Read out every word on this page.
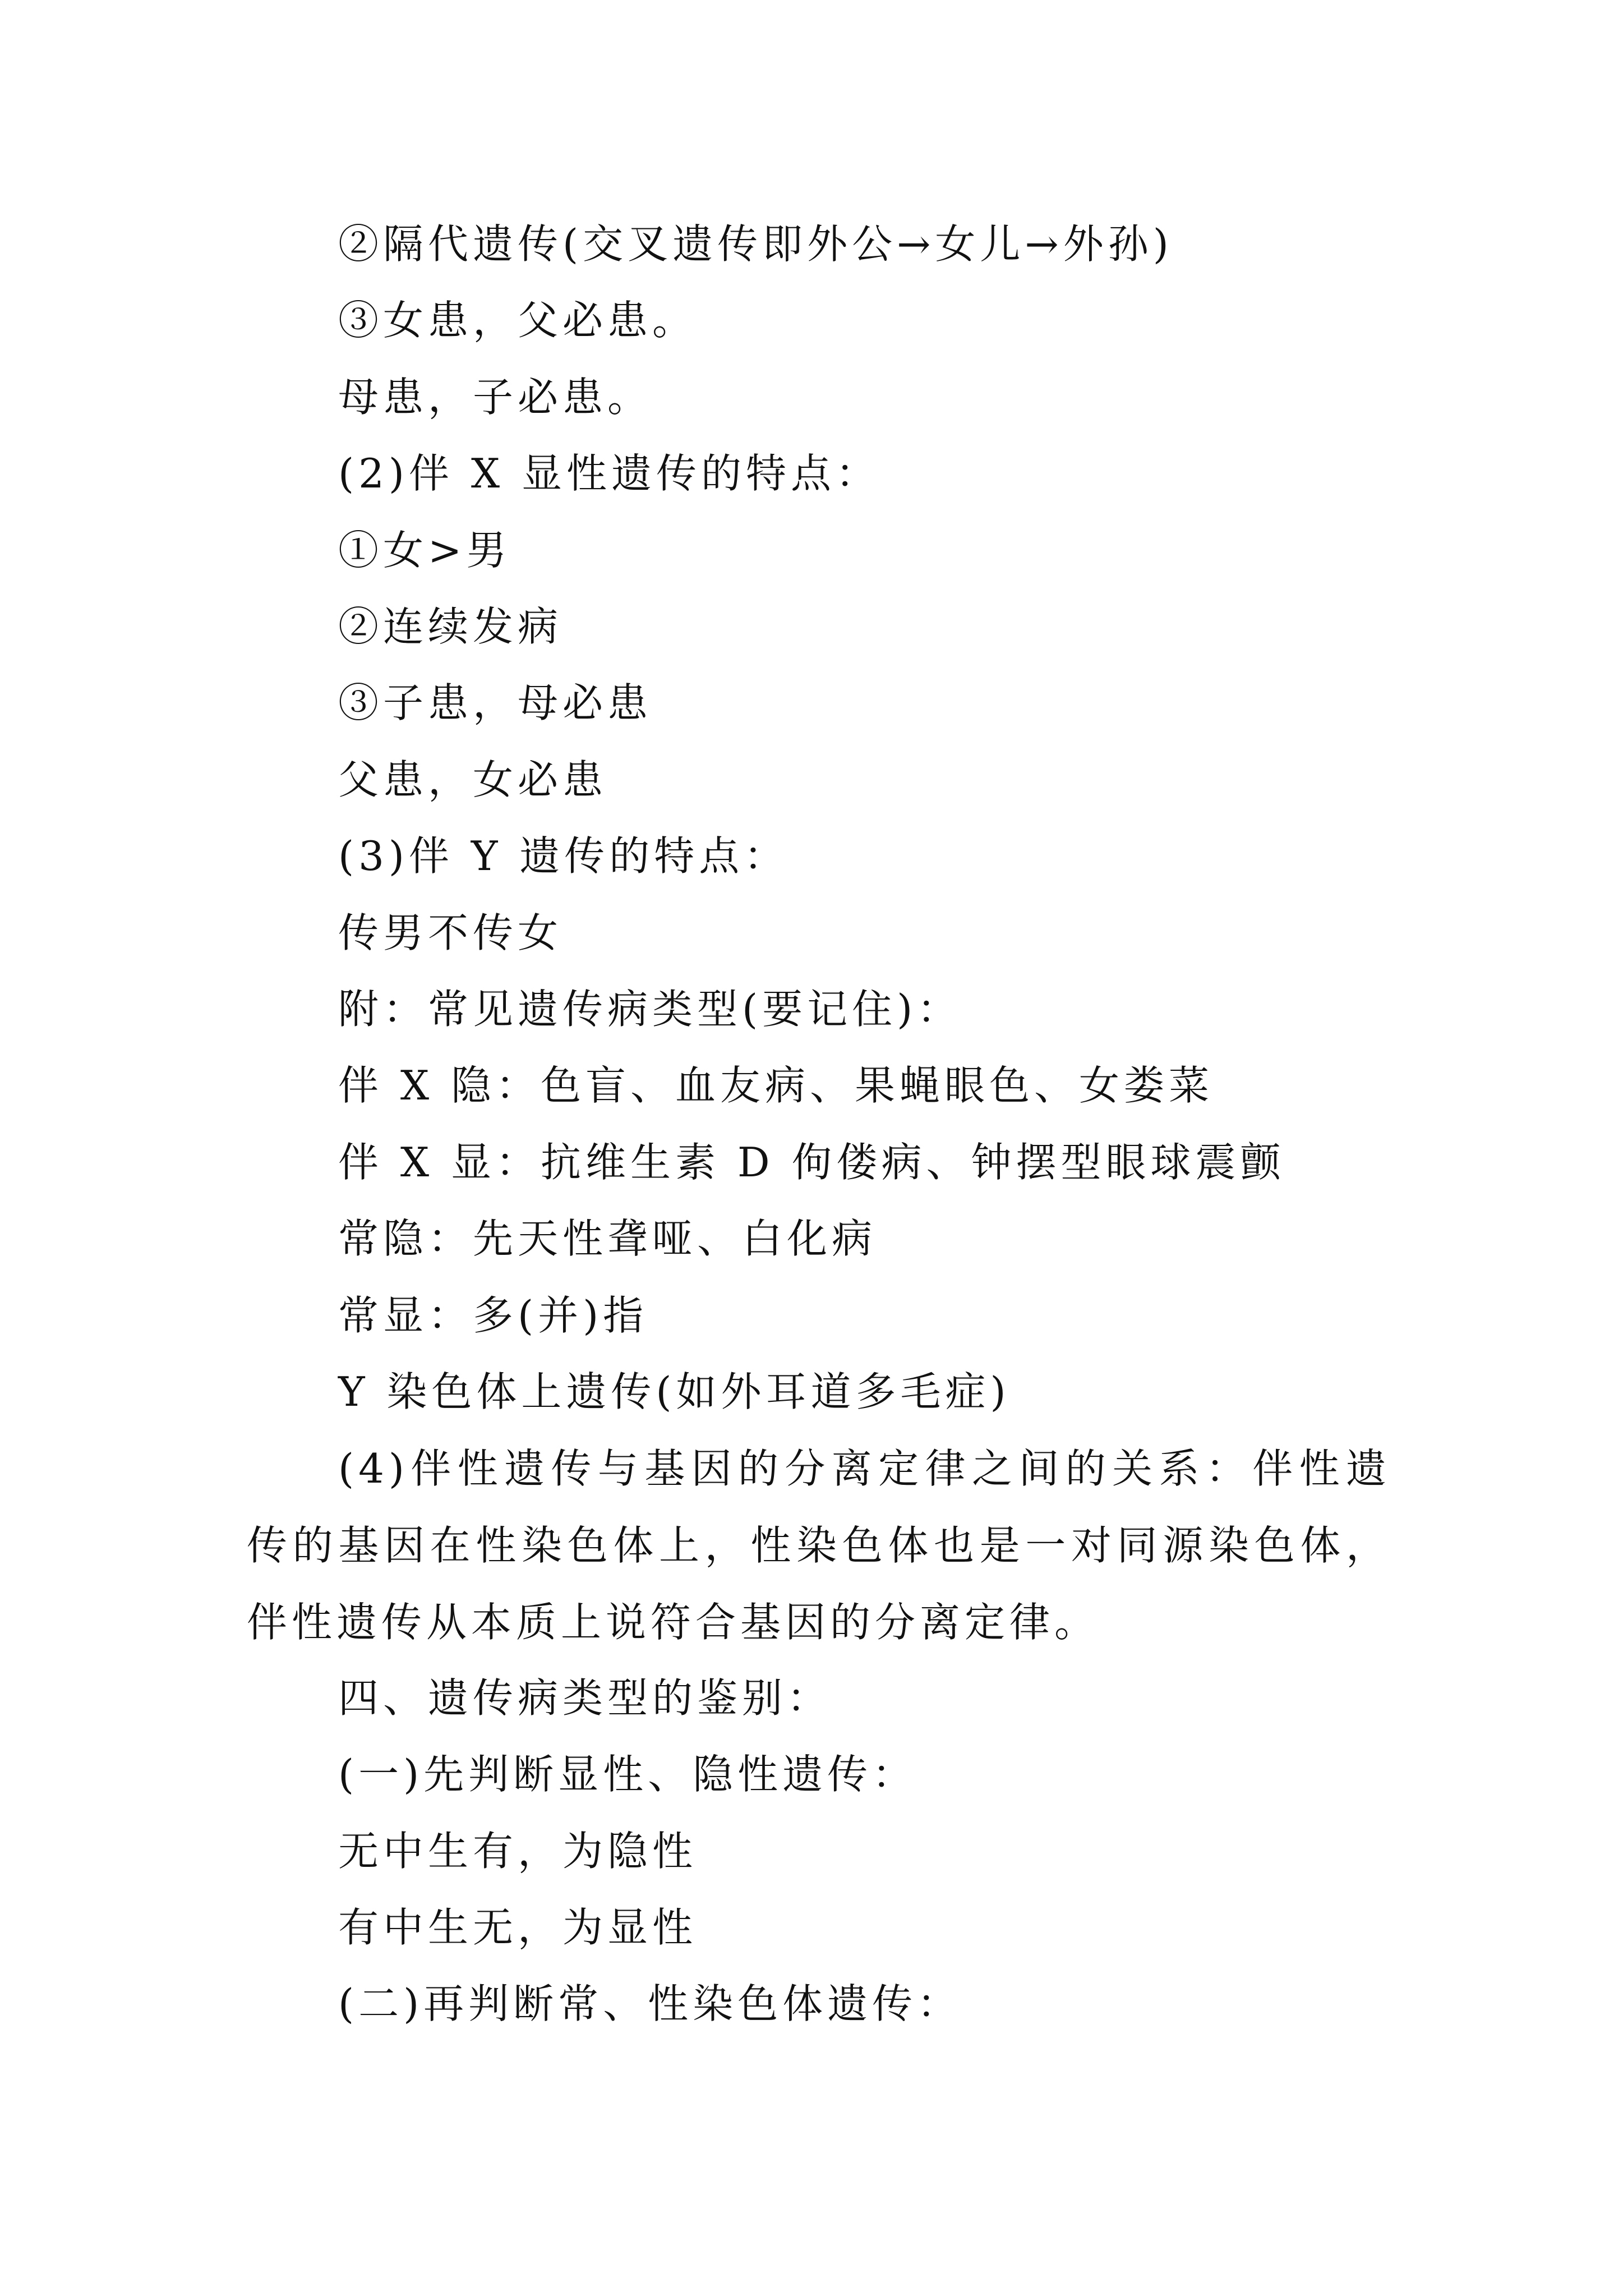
②隔代遗传(交叉遗传即外公→女儿→外孙)
③女患，父必患。
母患，子必患。
(2)伴 X 显性遗传的特点：
①女>男
②连续发病
③子患，母必患
父患，女必患
(3)伴 Y 遗传的特点：
传男不传女
附：常见遗传病类型(要记住)：
伴 X 隐：色盲、血友病、果蝇眼色、女娄菜
伴 X 显：抗维生素 D 佝偻病、钟摆型眼球震颤
常隐：先天性聋哑、白化病
常显：多(并)指
Y 染色体上遗传(如外耳道多毛症)
(4)伴性遗传与基因的分离定律之间的关系：伴性遗传的基因在性染色体上，性染色体也是一对同源染色体，伴性遗传从本质上说符合基因的分离定律。
四、遗传病类型的鉴别：
(一)先判断显性、隐性遗传：
无中生有，为隐性
有中生无，为显性
(二)再判断常、性染色体遗传：
